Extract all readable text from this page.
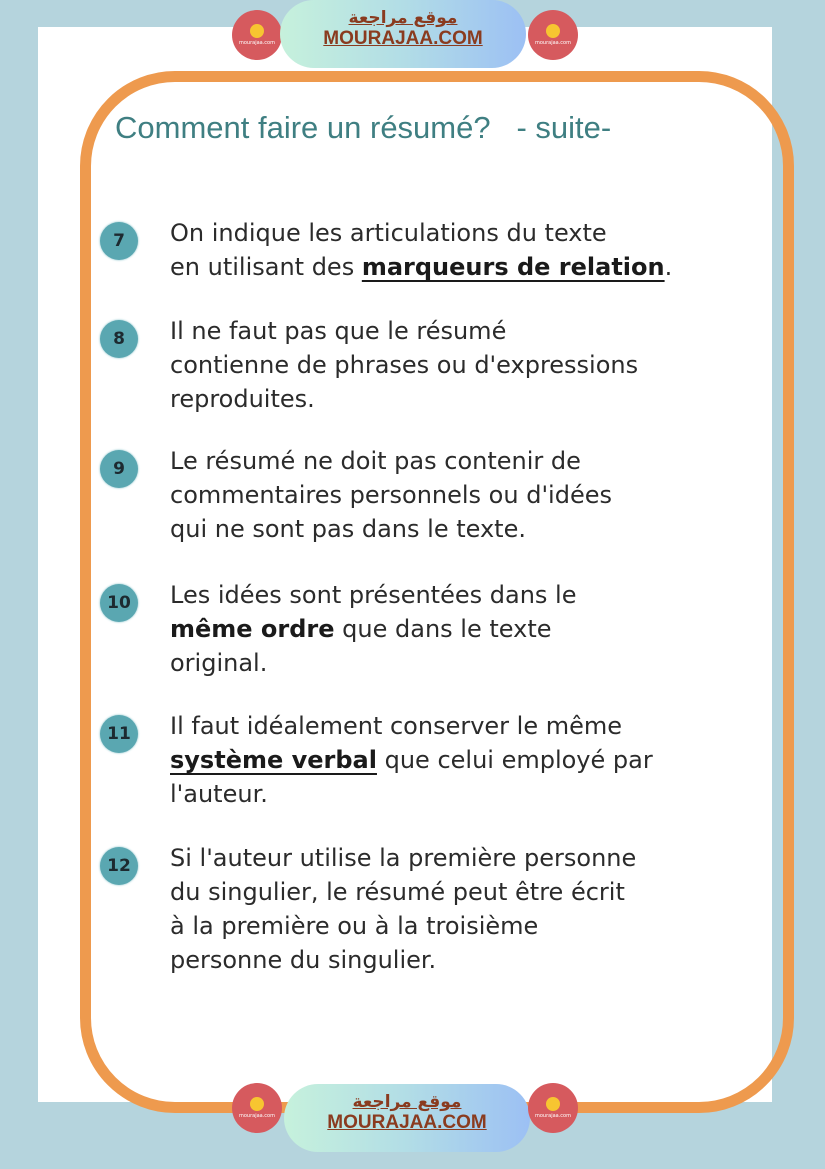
Comment faire un résumé?   - suite-
7	On indique les articulations du texte
en utilisant des marqueurs de relation.
8	Il ne faut pas que le résumé
contienne de phrases ou d'expressions
reproduites.
9	Le résumé ne doit pas contenir de
commentaires personnels ou d'idées
qui ne sont pas dans le texte.
10 Les idées sont présentées dans le
même ordre que dans le texte
original.
11 Il faut idéalement conserver le même
système verbal que celui employé par
l'auteur.
12 Si l'auteur utilise la première personne
du singulier, le résumé peut être écrit
à la première ou à la troisième
personne du singulier.
mourajaa.com
موقع مراجعة
MOURAJAA.COM	mourajaa.com
mourajaa.com
موقع مراجعة
MOURAJAA.COM	mourajaa.com
